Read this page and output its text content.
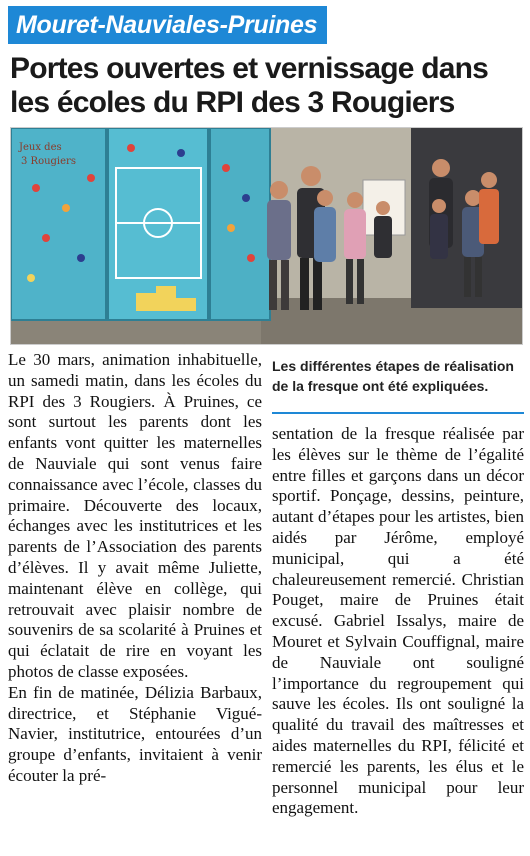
Mouret-Nauviales-Pruines
Portes ouvertes et vernissage dans les écoles du RPI des 3 Rougiers
Jeux des
3 Rougiers

Le 30 mars, animation inhabituelle, un samedi matin, dans les écoles du RPI des 3 Rougiers. À Pruines, ce sont surtout les parents dont les enfants vont quitter les maternelles de Nauviale qui sont venus faire connaissance avec l’école, classes du primaire. Découverte des locaux, échanges avec les institutrices et les parents de l’Association des parents d’élèves. Il y avait même Juliette, maintenant élève en collège, qui retrouvait avec plaisir nombre de souvenirs de sa scolarité à Pruines et qui éclatait de rire en voyant les photos de classe exposées.

En fin de matinée, Délizia Barbaux, directrice, et Stéphanie Vigué-Navier, institutrice, entourées d’un groupe d’enfants, invitaient à venir écouter la pré-

Les différentes étapes de réalisation de la fresque ont été expliquées.

sentation de la fresque réalisée par les élèves sur le thème de l’égalité entre filles et garçons dans un décor sportif. Ponçage, dessins, peinture, autant d’étapes pour les artistes, bien aidés par Jérôme, employé municipal, qui a été chaleureusement remercié. Christian Pouget, maire de Pruines était excusé. Gabriel Issalys, maire de Mouret et Sylvain Couffignal, maire de Nauviale ont souligné l’importance du regroupement qui sauve les écoles. Ils ont souligné la qualité du travail des maîtresses et aides maternelles du RPI, félicité et remercié les parents, les élus et le personnel municipal pour leur engagement.
